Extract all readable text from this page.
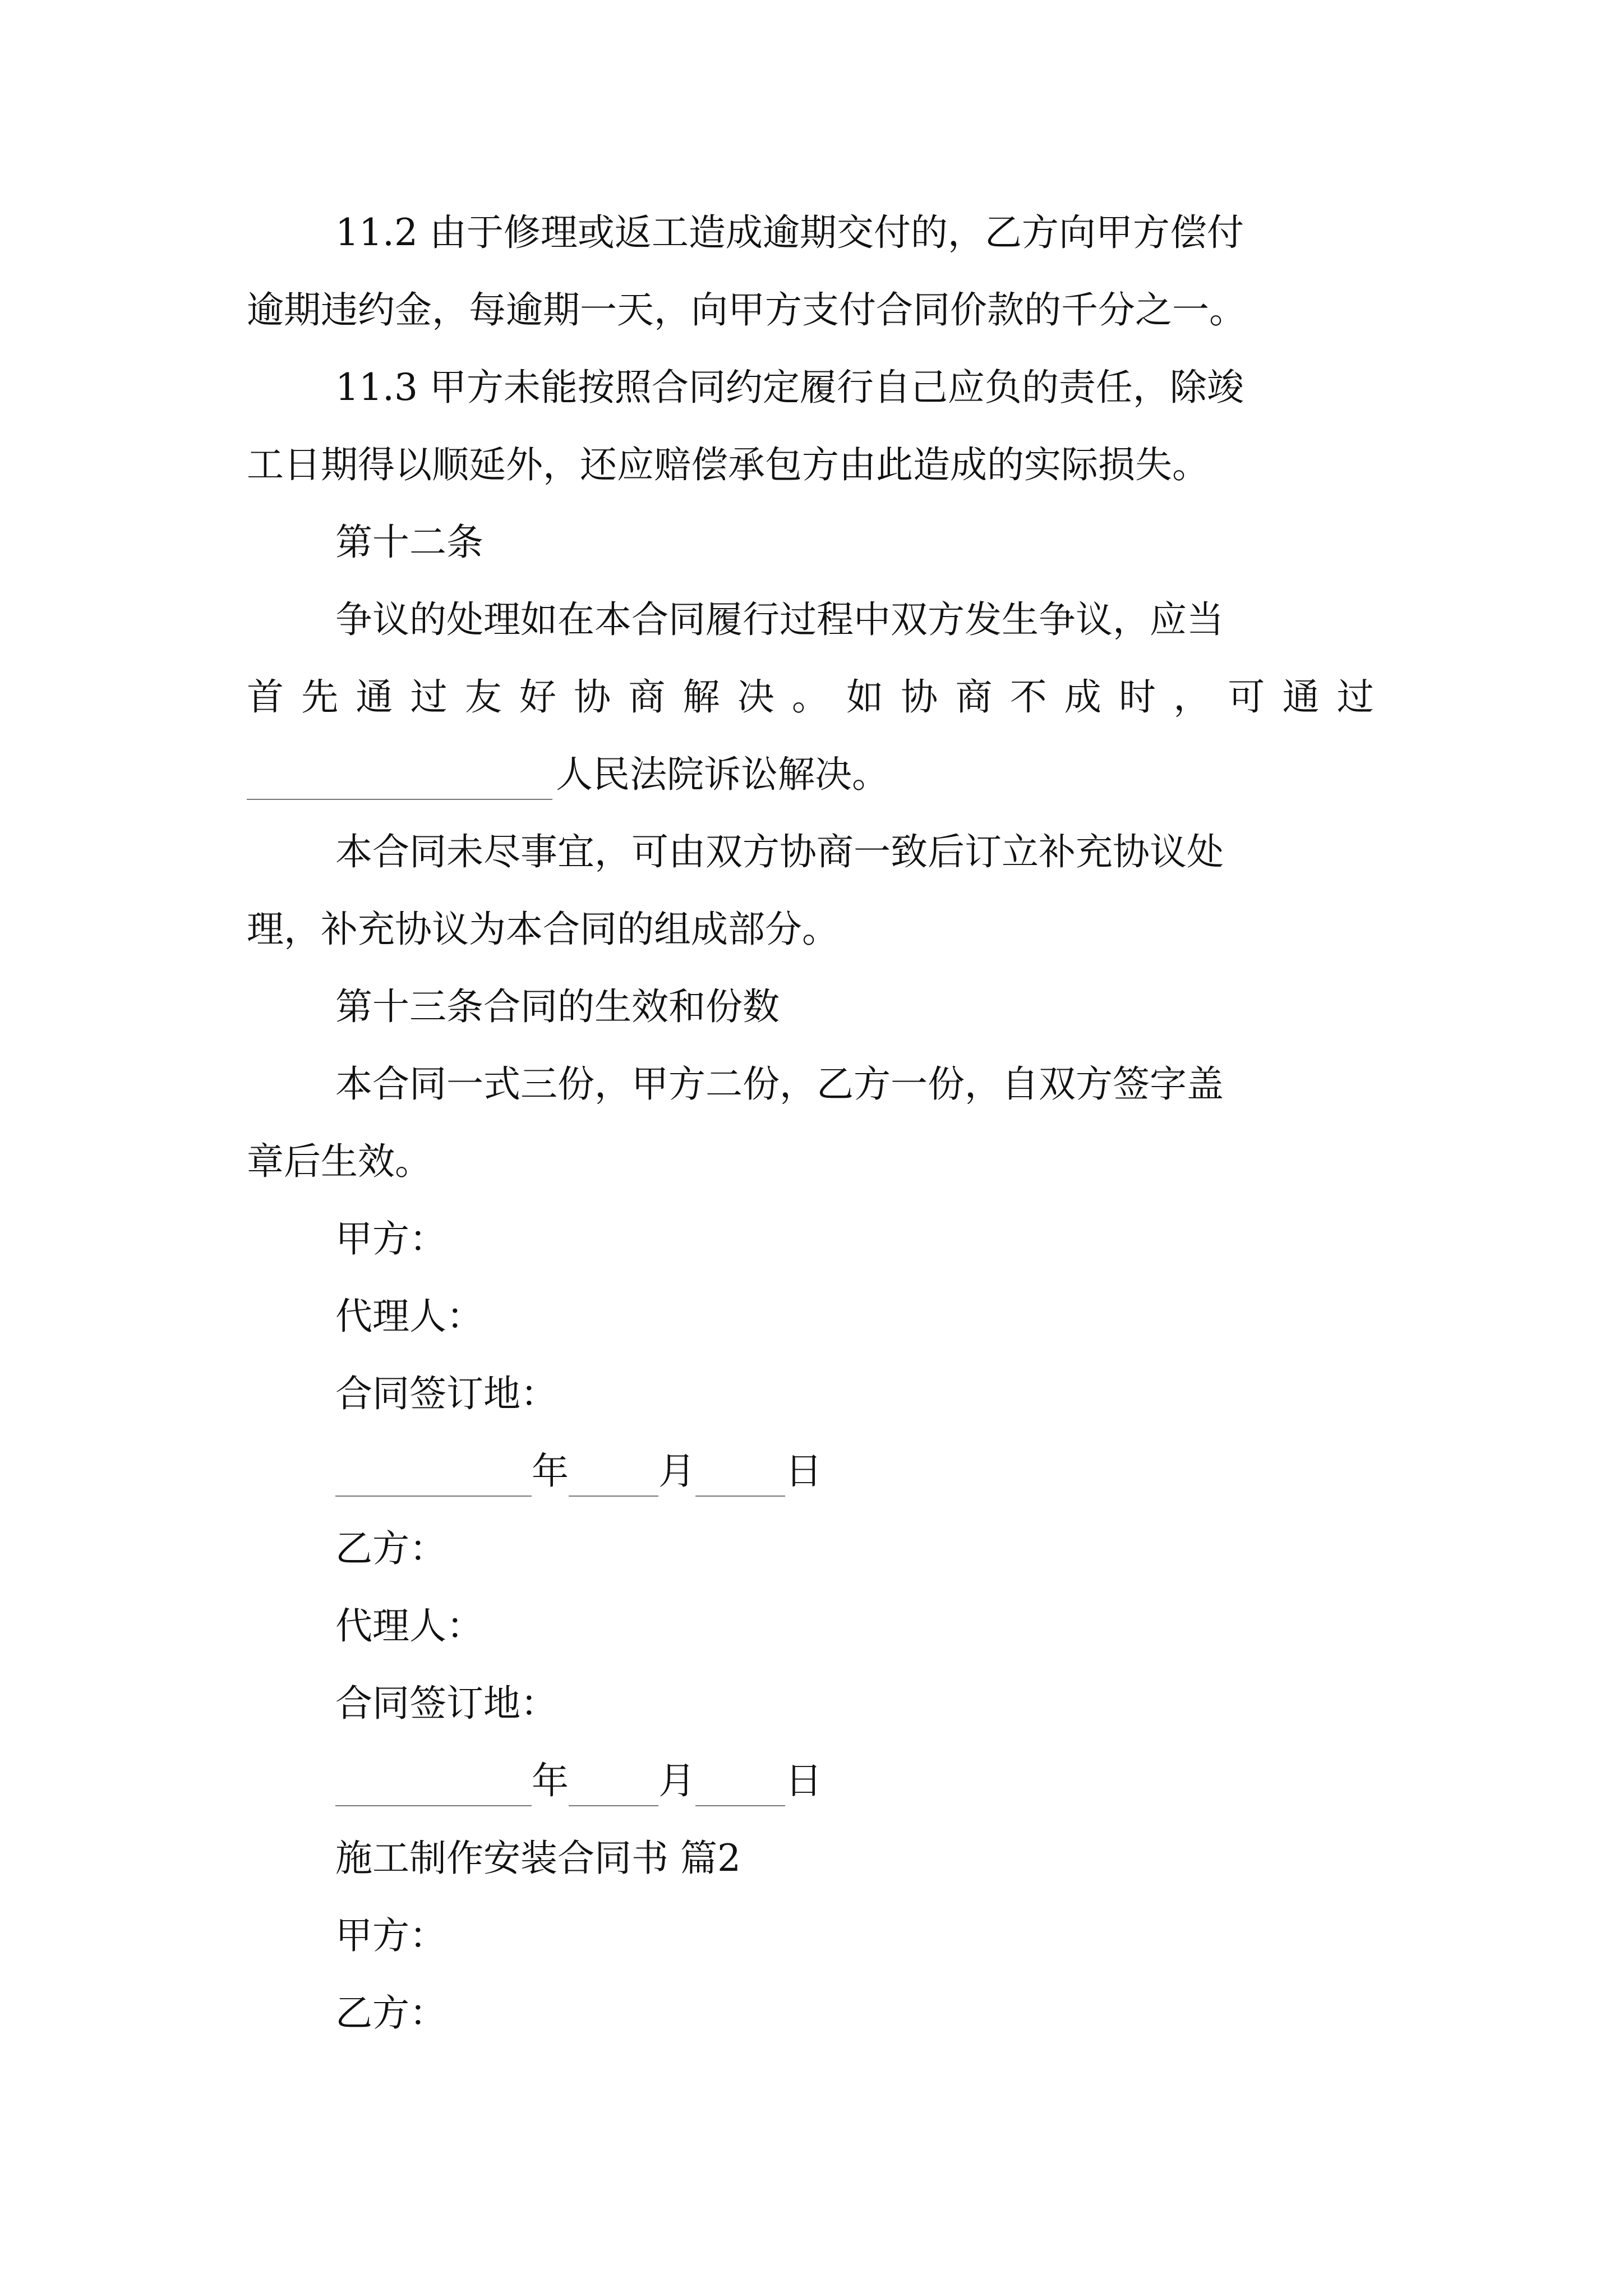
11.2 由于修理或返工造成逾期交付的，乙方向甲方偿付
逾期违约金，每逾期一天，向甲方支付合同价款的千分之一。
11.3 甲方未能按照合同约定履行自己应负的责任，除竣
工日期得以顺延外，还应赔偿承包方由此造成的实际损失。
第十二条
争议的处理如在本合同履行过程中双方发生争议，应当
首 先 通 过 友 好 协 商 解 决 。 如 协 商 不 成 时 ， 可 通 过
人民法院诉讼解决。
本合同未尽事宜，可由双方协商一致后订立补充协议处
理，补充协议为本合同的组成部分。
第十三条合同的生效和份数
本合同一式三份，甲方二份，乙方一份，自双方签字盖
章后生效。
甲方：
代理人：
合同签订地：
年 月 日
乙方：
代理人：
合同签订地：
年 月 日
施工制作安装合同书 篇2
甲方：
乙方：
